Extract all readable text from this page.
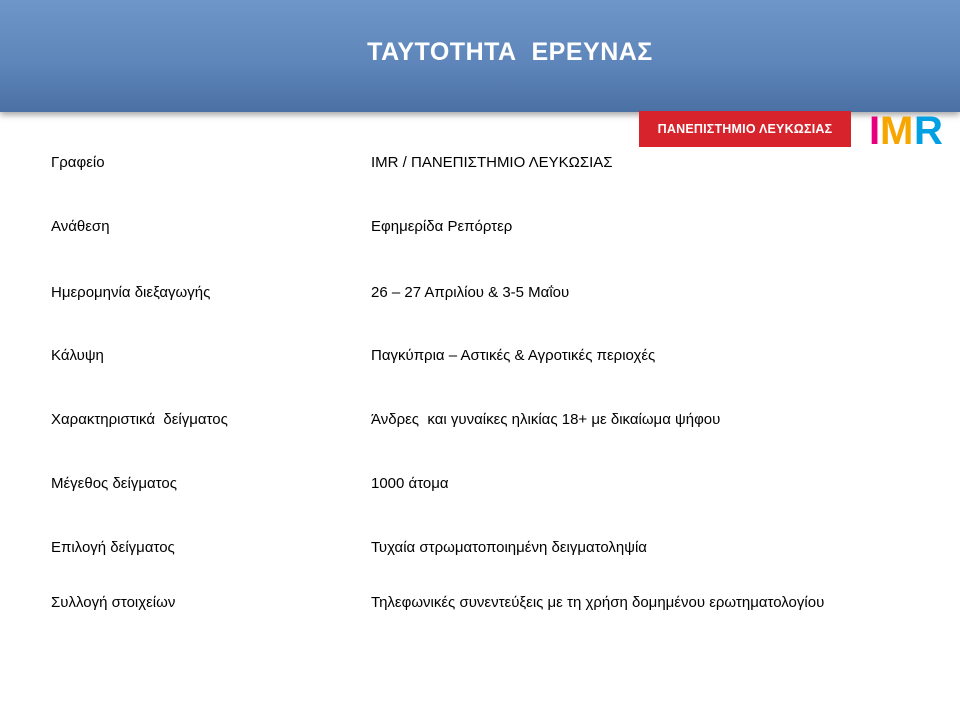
ΤΑΥΤΟΤΗΤΑ  ΕΡΕΥΝΑΣ
ΠΑΝΕΠΙΣΤΗΜΙΟ ΛΕΥΚΩΣΙΑΣ I M R
Γραφείο	IMR / ΠΑΝΕΠΙΣΤΗΜΙΟ ΛΕΥΚΩΣΙΑΣ
Ανάθεση	Εφημερίδα Ρεπόρτερ
Ημερομηνία διεξαγωγής	26 – 27 Απριλίου & 3-5 Μαΐου
Κάλυψη	Παγκύπρια – Αστικές & Αγροτικές περιοχές
Χαρακτηριστικά  δείγματος	Άνδρες  και γυναίκες ηλικίας 18+ με δικαίωμα ψήφου
Μέγεθος δείγματος	1000 άτομα
Επιλογή δείγματος	Τυχαία στρωματοποιημένη δειγματοληψία
Συλλογή στοιχείων	Τηλεφωνικές συνεντεύξεις με τη χρήση δομημένου ερωτηματολογίου
